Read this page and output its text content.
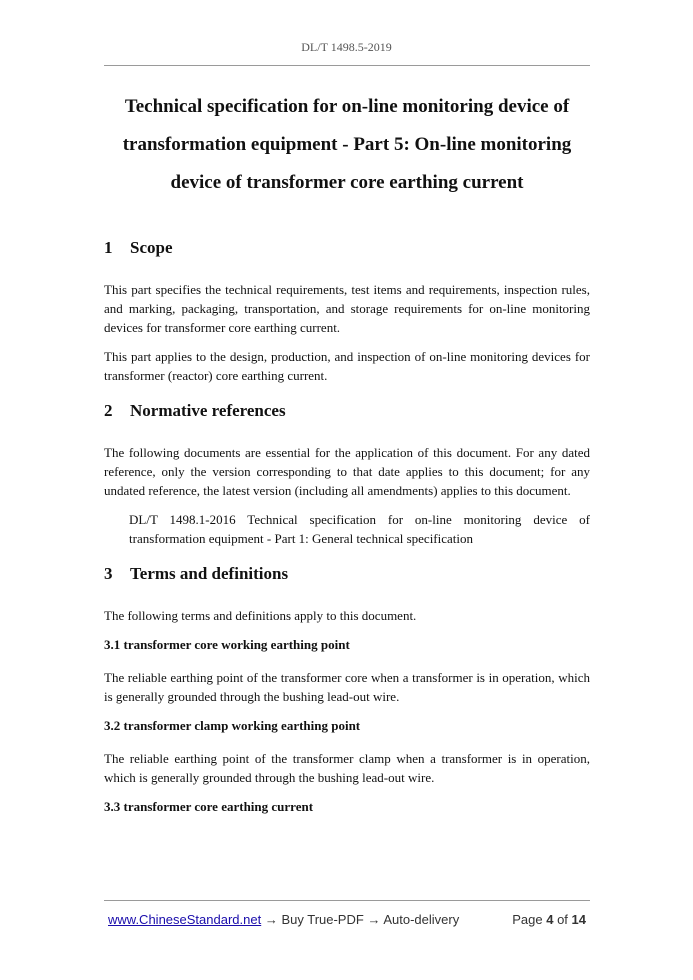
DL/T 1498.5-2019
Technical specification for on-line monitoring device of
transformation equipment - Part 5: On-line monitoring
device of transformer core earthing current
1 Scope

This part specifies the technical requirements, test items and requirements, inspection rules, and marking, packaging, transportation, and storage requirements for on-line monitoring devices for transformer core earthing current.

This part applies to the design, production, and inspection of on-line monitoring devices for transformer (reactor) core earthing current.

2 Normative references

The following documents are essential for the application of this document. For any dated reference, only the version corresponding to that date applies to this document; for any undated reference, the latest version (including all amendments) applies to this document.

DL/T 1498.1-2016 Technical specification for on-line monitoring device of transformation equipment - Part 1: General technical specification

3 Terms and definitions

The following terms and definitions apply to this document.

3.1 transformer core working earthing point

The reliable earthing point of the transformer core when a transformer is in operation, which is generally grounded through the bushing lead-out wire.

3.2 transformer clamp working earthing point

The reliable earthing point of the transformer clamp when a transformer is in operation, which is generally grounded through the bushing lead-out wire.

3.3 transformer core earthing current
www.ChineseStandard.net → Buy True-PDF → Auto-delivery	Page 4 of 14
